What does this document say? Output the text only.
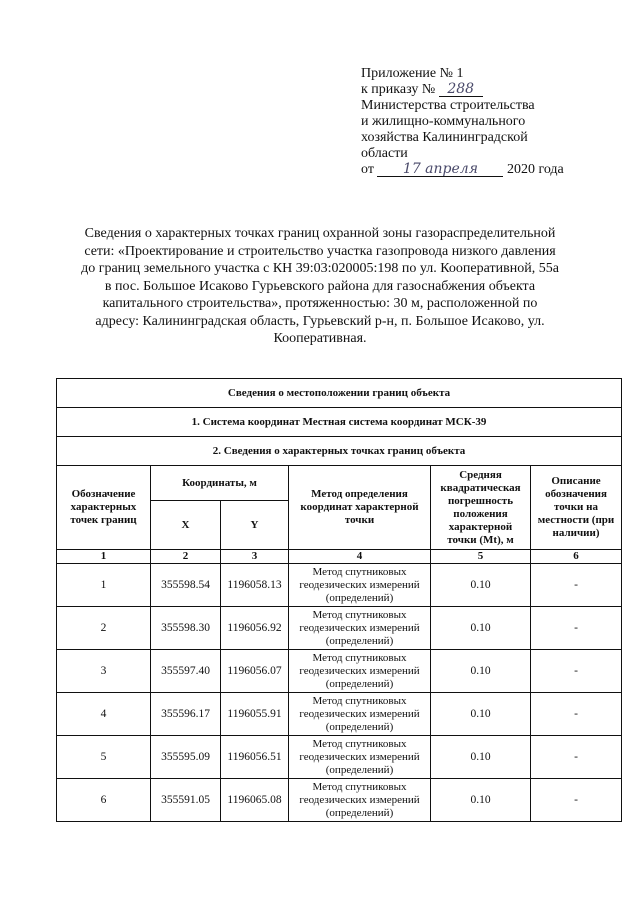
Приложение № 1
к приказу № 288
Министерства строительства
и жилищно-коммунального
хозяйства Калининградской
области
от 17 апреля 2020 года
Сведения о характерных точках границ охранной зоны газораспределительной сети: «Проектирование и строительство участка газопровода низкого давления до границ земельного участка с КН 39:03:020005:198 по ул. Кооперативной, 55а в пос. Большое Исаково Гурьевского района для газоснабжения объекта капитального строительства», протяженностью: 30 м, расположенной по адресу: Калининградская область, Гурьевский р-н, п. Большое Исаково, ул. Кооперативная.
Сведения о местоположении границ объекта					
1. Система координат Местная система координат МСК-39					
2. Сведения о характерных точках границ объекта					
Обозначение характерных точек границ	Координаты, м		Метод определения координат характерной точки	Средняя квадратическая погрешность положения характерной точки (Mt), м	Описание обозначения точки на местности (при наличии)
	X	Y			
1	2	3	4	5	6
1	355598.54	1196058.13	Метод спутниковых геодезических измерений (определений)	0.10	-
2	355598.30	1196056.92	Метод спутниковых геодезических измерений (определений)	0.10	-
3	355597.40	1196056.07	Метод спутниковых геодезических измерений (определений)	0.10	-
4	355596.17	1196055.91	Метод спутниковых геодезических измерений (определений)	0.10	-
5	355595.09	1196056.51	Метод спутниковых геодезических измерений (определений)	0.10	-
6	355591.05	1196065.08	Метод спутниковых геодезических измерений (определений)	0.10	-
